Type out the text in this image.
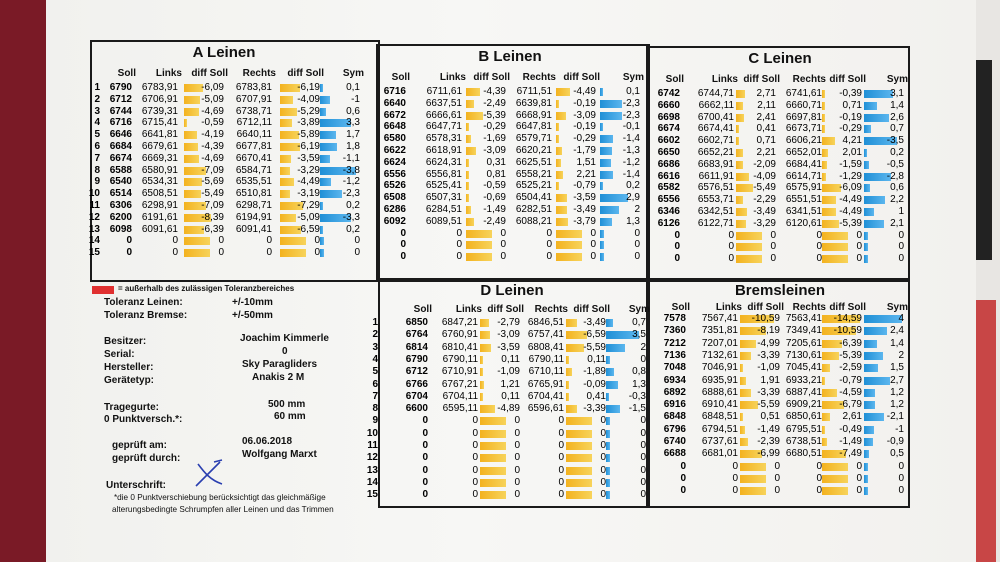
= außerhalb des zulässigen Toleranzbereiches
Toleranz Leinen:	+/-10mm
Toleranz Bremse:	+/-50mm
Besitzer:	Joachim Kimmerle
Serial:	0
Hersteller:	Sky Paragliders
Gerätetyp:	Anakis 2 M
Tragegurte:	500 mm
0 Punktversch.*:	60 mm
geprüft am:	06.06.2018
geprüft durch:	Wolfgang Marxt
Unterschrift:
*die 0 Punktverschiebung berücksichtigt das gleichmäßige
alterungsbedingte Schrumpfen aller Leinen und das Trimmen
A Leinen
Soll	Links diff Soll	Rechts	diff Soll	Sym
1 6790 6783,91	-6,09	6783,81	-6,19	0,1
2 6712 6706,91	-5,09	6707,91	-4,09	-1
3 6744 6739,31	-4,69	6738,71	-5,29	0,6
4 6716 6715,41	-0,59	6712,11	-3,89	3,3
5 6646 6641,81	-4,19	6640,11	-5,89	1,7
6 6684 6679,61	-4,39	6677,81	-6,19	1,8
7 6674 6669,31	-4,69	6670,41	-3,59	-1,1
8 6588 6580,91	-7,09	6584,71	-3,29	-3,8
9 6540 6534,31	-5,69	6535,51	-4,49	-1,2
10 6514 6508,51	-5,49	6510,81	-3,19	-2,3
11 6306 6298,91	-7,09	6298,71	-7,29	0,2
12 6200 6191,61	-8,39	6194,91	-5,09	-3,3
13 6098 6091,61	-6,39	6091,41	-6,59	0,2
14	0	0	0	0	0	0
15	0	0	0	0	0	0
B Leinen
Soll	Links diff Soll	Rechts diff Soll	Sym
6716	6711,61	-4,39	6711,51	-4,49	0,1
6640	6637,51	-2,49 6639,81	-0,19	-2,3
6672	6666,61	-5,39 6668,91	-3,09	-2,3
6648	6647,71	-0,29 6647,81	-0,19	-0,1
6580	6578,31	-1,69 6579,71	-0,29	-1,4
6622	6618,91	-3,09 6620,21	-1,79	-1,3
6624	6624,31	0,31 6625,51	1,51	-1,2
6556	6556,81	0,81 6558,21	2,21	-1,4
6526	6525,41	-0,59 6525,21	-0,79	0,2
6508	6507,31	-0,69 6504,41	-3,59	2,9
6286	6284,51	-1,49 6282,51	-3,49	2
6092	6089,51	-2,49 6088,21	-3,79	1,3
0	0	0	0	0	0
0	0	0	0	0	0
0	0	0	0	0	0
C Leinen
Soll	Links diff Soll	Rechts diff Soll	Sym
6742	6744,71	2,71 6741,61	-0,39	3,1
6660	6662,11	2,11 6660,71	0,71	1,4
6698	6700,41	2,41 6697,81	-0,19	2,6
6674	6674,41	0,41 6673,71	-0,29	0,7
6602	6602,71	0,71 6606,21	4,21	-3,5
6650	6652,21	2,21 6652,01	2,01	0,2
6686	6683,91	-2,09 6684,41	-1,59	-0,5
6616	6611,91	-4,09 6614,71	-1,29	-2,8
6582	6576,51	-5,49 6575,91	-6,09	0,6
6556	6553,71	-2,29 6551,51	-4,49	2,2
6346	6342,51	-3,49 6341,51	-4,49	1
6126	6122,71	-3,29 6120,61	-5,39	2,1
0	0	0	0	0	0
0	0	0	0	0	0
0	0	0	0	0	0
D Leinen
Soll	Links diff Soll	Rechts diff Soll	Sym
1	6850	6847,21	-2,79 6846,51	-3,49	0,7
2	6764	6760,91	-3,09 6757,41	-6,59	3,5
3	6814	6810,41	-3,59 6808,41	-5,59	2
4	6790	6790,11	0,11 6790,11	0,11	0
5	6712	6710,91	-1,09 6710,11	-1,89	0,8
6	6766	6767,21	1,21 6765,91	-0,09	1,3
7	6704	6704,11	0,11 6704,41	0,41	-0,3
8	6600	6595,11	-4,89 6596,61	-3,39	-1,5
9	0	0	0	0	0	0
10	0	0	0	0	0	0
11	0	0	0	0	0	0
12	0	0	0	0	0	0
13	0	0	0	0	0	0
14	0	0	0	0	0	0
15	0	0	0	0	0	0
Bremsleinen
Soll	Links diff Soll Rechts diff Soll	Sym
7578	7567,41	-10,59 7563,41	-14,59	4
7360	7351,81	-8,19 7349,41	-10,59	2,4
7212	7207,01	-4,99 7205,61	-6,39	1,4
7136	7132,61	-3,39 7130,61	-5,39	2
7048	7046,91	-1,09 7045,41	-2,59	1,5
6934	6935,91	1,91 6933,21	-0,79	2,7
6892	6888,61	-3,39 6887,41	-4,59	1,2
6916	6910,41	-5,59 6909,21	-6,79	1,2
6848	6848,51	0,51 6850,61	2,61	-2,1
6796	6794,51	-1,49 6795,51	-0,49	-1
6740	6737,61	-2,39 6738,51	-1,49	-0,9
6688	6681,01	-6,99 6680,51	-7,49	0,5
0	0	0	0	0	0
0	0	0	0	0	0
0	0	0	0	0	0
